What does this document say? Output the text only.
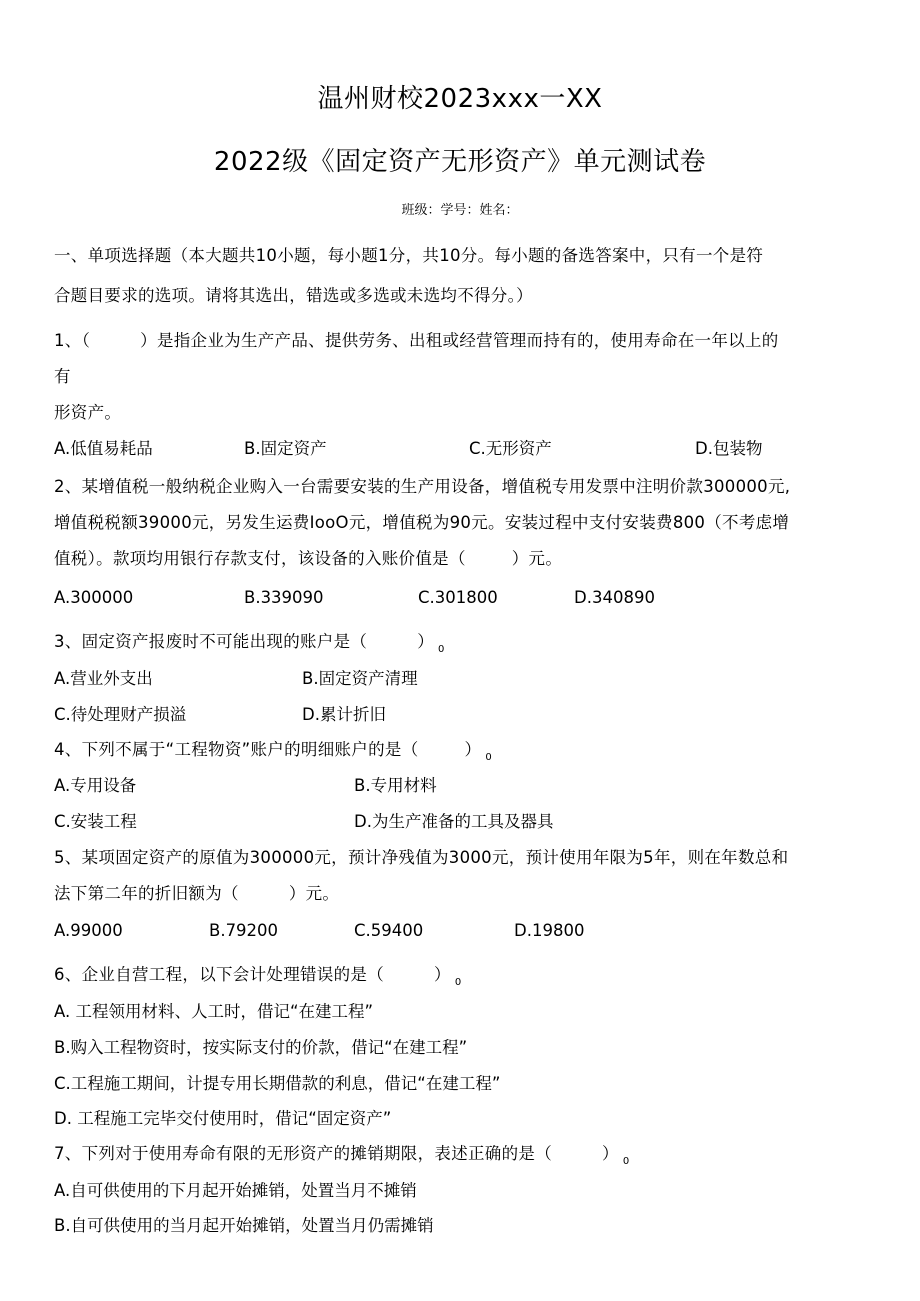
温州财校2023xxx一XX
2022级《固定资产无形资产》单元测试卷
班级：学号：姓名：
一、单项选择题（本大题共10小题，每小题1分，共10分。每小题的备选答案中，只有一个是符
合题目要求的选项。请将其选出，错选或多选或未选均不得分。）
1、（	）是指企业为生产产品、提供劳务、出租或经营管理而持有的，使用寿命在一年以上的
有
形资产。
A.低值易耗品	B.固定资产	C.无形资产	D.包装物
2、某增值税一般纳税企业购入一台需要安装的生产用设备，增值税专用发票中注明价款300000元,
增值税税额39000元，另发生运费IooO元，增值税为90元。安装过程中支付安装费800（不考虑增
值税）。款项均用银行存款支付，该设备的入账价值是（	）元。
A.300000	B.339090	C.301800	D.340890
3、固定资产报废时不可能出现的账户是（	） $_0$
A.营业外支出	B.固定资产清理
C.待处理财产损溢	D.累计折旧
4、下列不属于“工程物资”账户的明细账户的是（	） $_0$
A.专用设备	B.专用材料
C.安装工程	D.为生产准备的工具及器具
5、某项固定资产的原值为300000元，预计净残值为3000元，预计使用年限为5年，则在年数总和
法下第二年的折旧额为（	）元。
A.99000	B.79200	C.59400	D.19800
6、企业自营工程，以下会计处理错误的是（	） $_0$
A. 工程领用材料、人工时，借记“在建工程”
B.购入工程物资时，按实际支付的价款，借记“在建工程”
C.工程施工期间，计提专用长期借款的利息，借记“在建工程”
D. 工程施工完毕交付使用时，借记“固定资产”
7、下列对于使用寿命有限的无形资产的摊销期限，表述正确的是（	） $_0$
A.自可供使用的下月起开始摊销，处置当月不摊销
B.自可供使用的当月起开始摊销，处置当月仍需摊销
